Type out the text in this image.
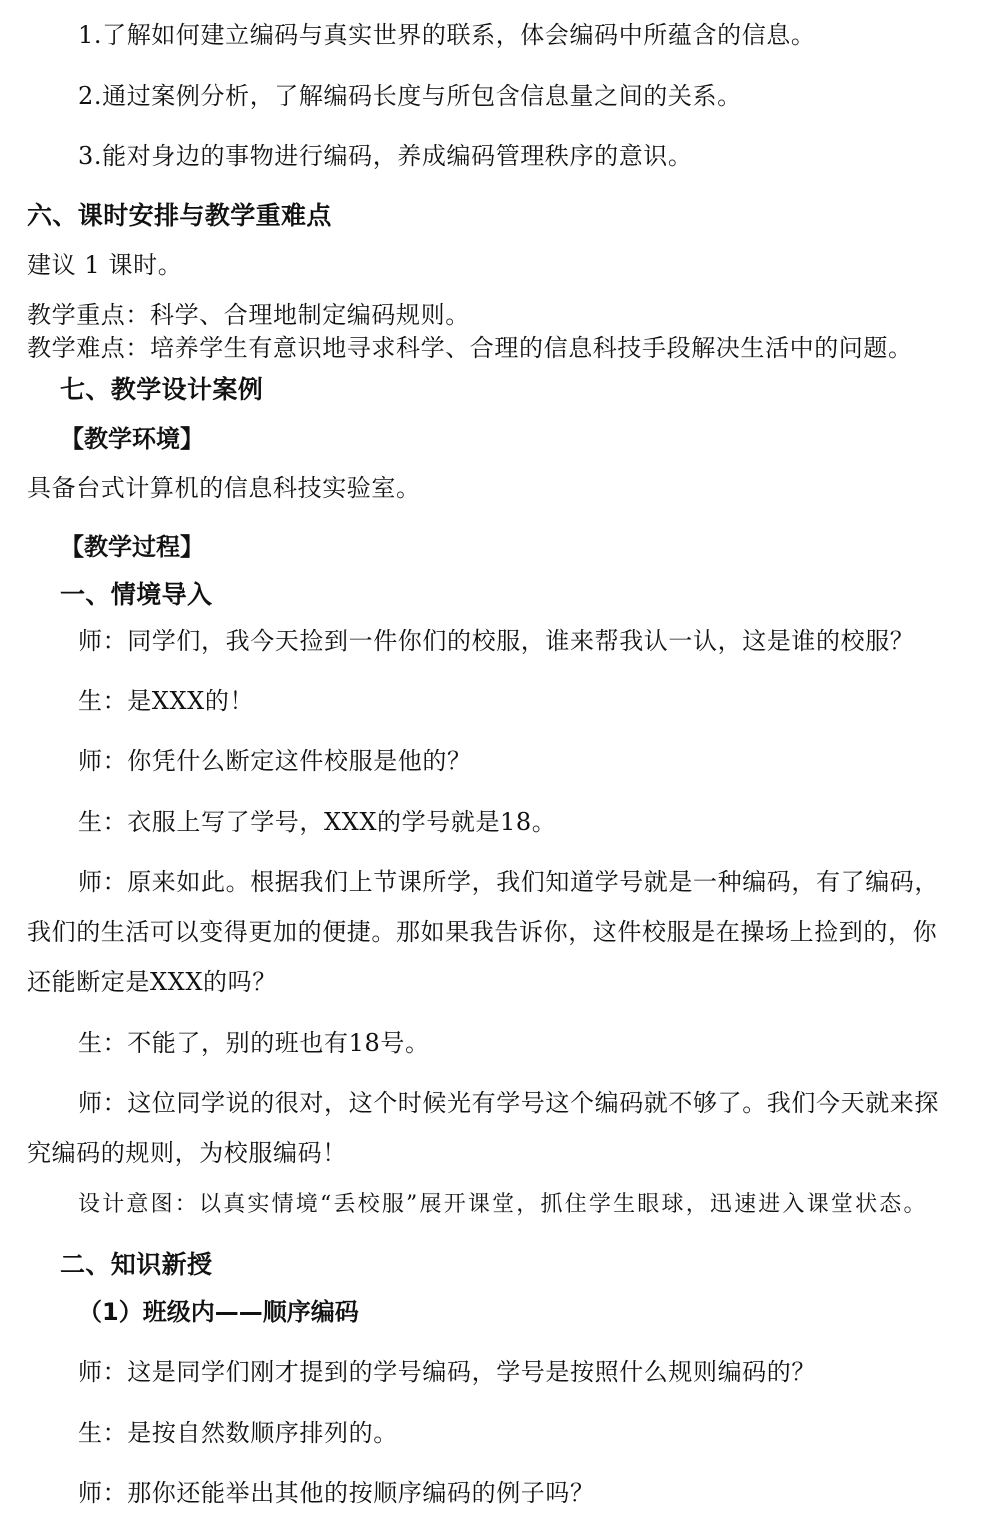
1.了解如何建立编码与真实世界的联系，体会编码中所蕴含的信息。
2.通过案例分析，了解编码长度与所包含信息量之间的关系。
3.能对身边的事物进行编码，养成编码管理秩序的意识。
六、课时安排与教学重难点
建议 1 课时。
教学重点：科学、合理地制定编码规则。
教学难点：培养学生有意识地寻求科学、合理的信息科技手段解决生活中的问题。
七、教学设计案例
【教学环境】
具备台式计算机的信息科技实验室。
【教学过程】
一、情境导入
师：同学们，我今天捡到一件你们的校服，谁来帮我认一认，这是谁的校服？
生：是XXX的！
师：你凭什么断定这件校服是他的？
生：衣服上写了学号，XXX的学号就是18。
师：原来如此。根据我们上节课所学，我们知道学号就是一种编码，有了编码，
我们的生活可以变得更加的便捷。那如果我告诉你，这件校服是在操场上捡到的，你
还能断定是XXX的吗？
生：不能了，别的班也有18号。
师：这位同学说的很对，这个时候光有学号这个编码就不够了。我们今天就来探
究编码的规则，为校服编码！
设计意图：以真实情境“丢校服”展开课堂，抓住学生眼球，迅速进入课堂状态。
二、知识新授
（1）班级内——顺序编码
师：这是同学们刚才提到的学号编码，学号是按照什么规则编码的？
生：是按自然数顺序排列的。
师：那你还能举出其他的按顺序编码的例子吗？
